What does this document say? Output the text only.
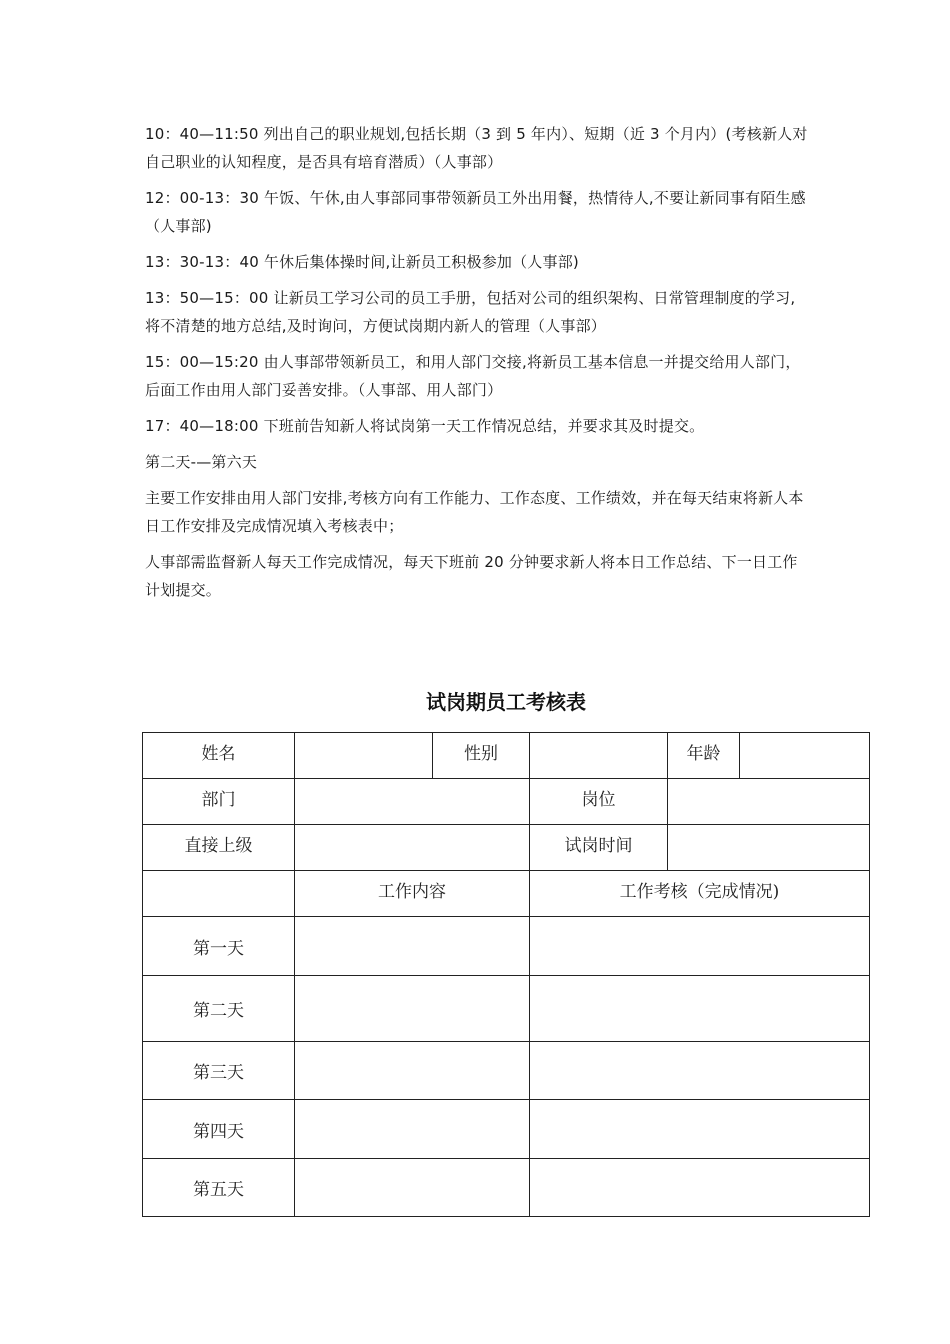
10：40—11:50 列出自己的职业规划,包括长期（3 到 5 年内）、短期（近 3 个月内）(考核新人对自己职业的认知程度，是否具有培育潜质）（人事部）

12：00-13：30 午饭、午休,由人事部同事带领新员工外出用餐，热情待人,不要让新同事有陌生感（人事部)

13：30-13：40 午休后集体操时间,让新员工积极参加（人事部)

13：50—15：00 让新员工学习公司的员工手册，包括对公司的组织架构、日常管理制度的学习,将不清楚的地方总结,及时询问，方便试岗期内新人的管理（人事部）

15：00—15:20 由人事部带领新员工，和用人部门交接,将新员工基本信息一并提交给用人部门，后面工作由用人部门妥善安排。（人事部、用人部门）

17：40—18:00 下班前告知新人将试岗第一天工作情况总结，并要求其及时提交。

第二天-—第六天

主要工作安排由用人部门安排,考核方向有工作能力、工作态度、工作绩效，并在每天结束将新人本日工作安排及完成情况填入考核表中；

人事部需监督新人每天工作完成情况，每天下班前 20 分钟要求新人将本日工作总结、下一日工作计划提交。

试岗期员工考核表
姓名		性别		年龄	
部门			岗位		
直接上级			试岗时间		
	工作内容		工作考核（完成情况)		
第一天					
第二天					
第三天					
第四天					
第五天					
